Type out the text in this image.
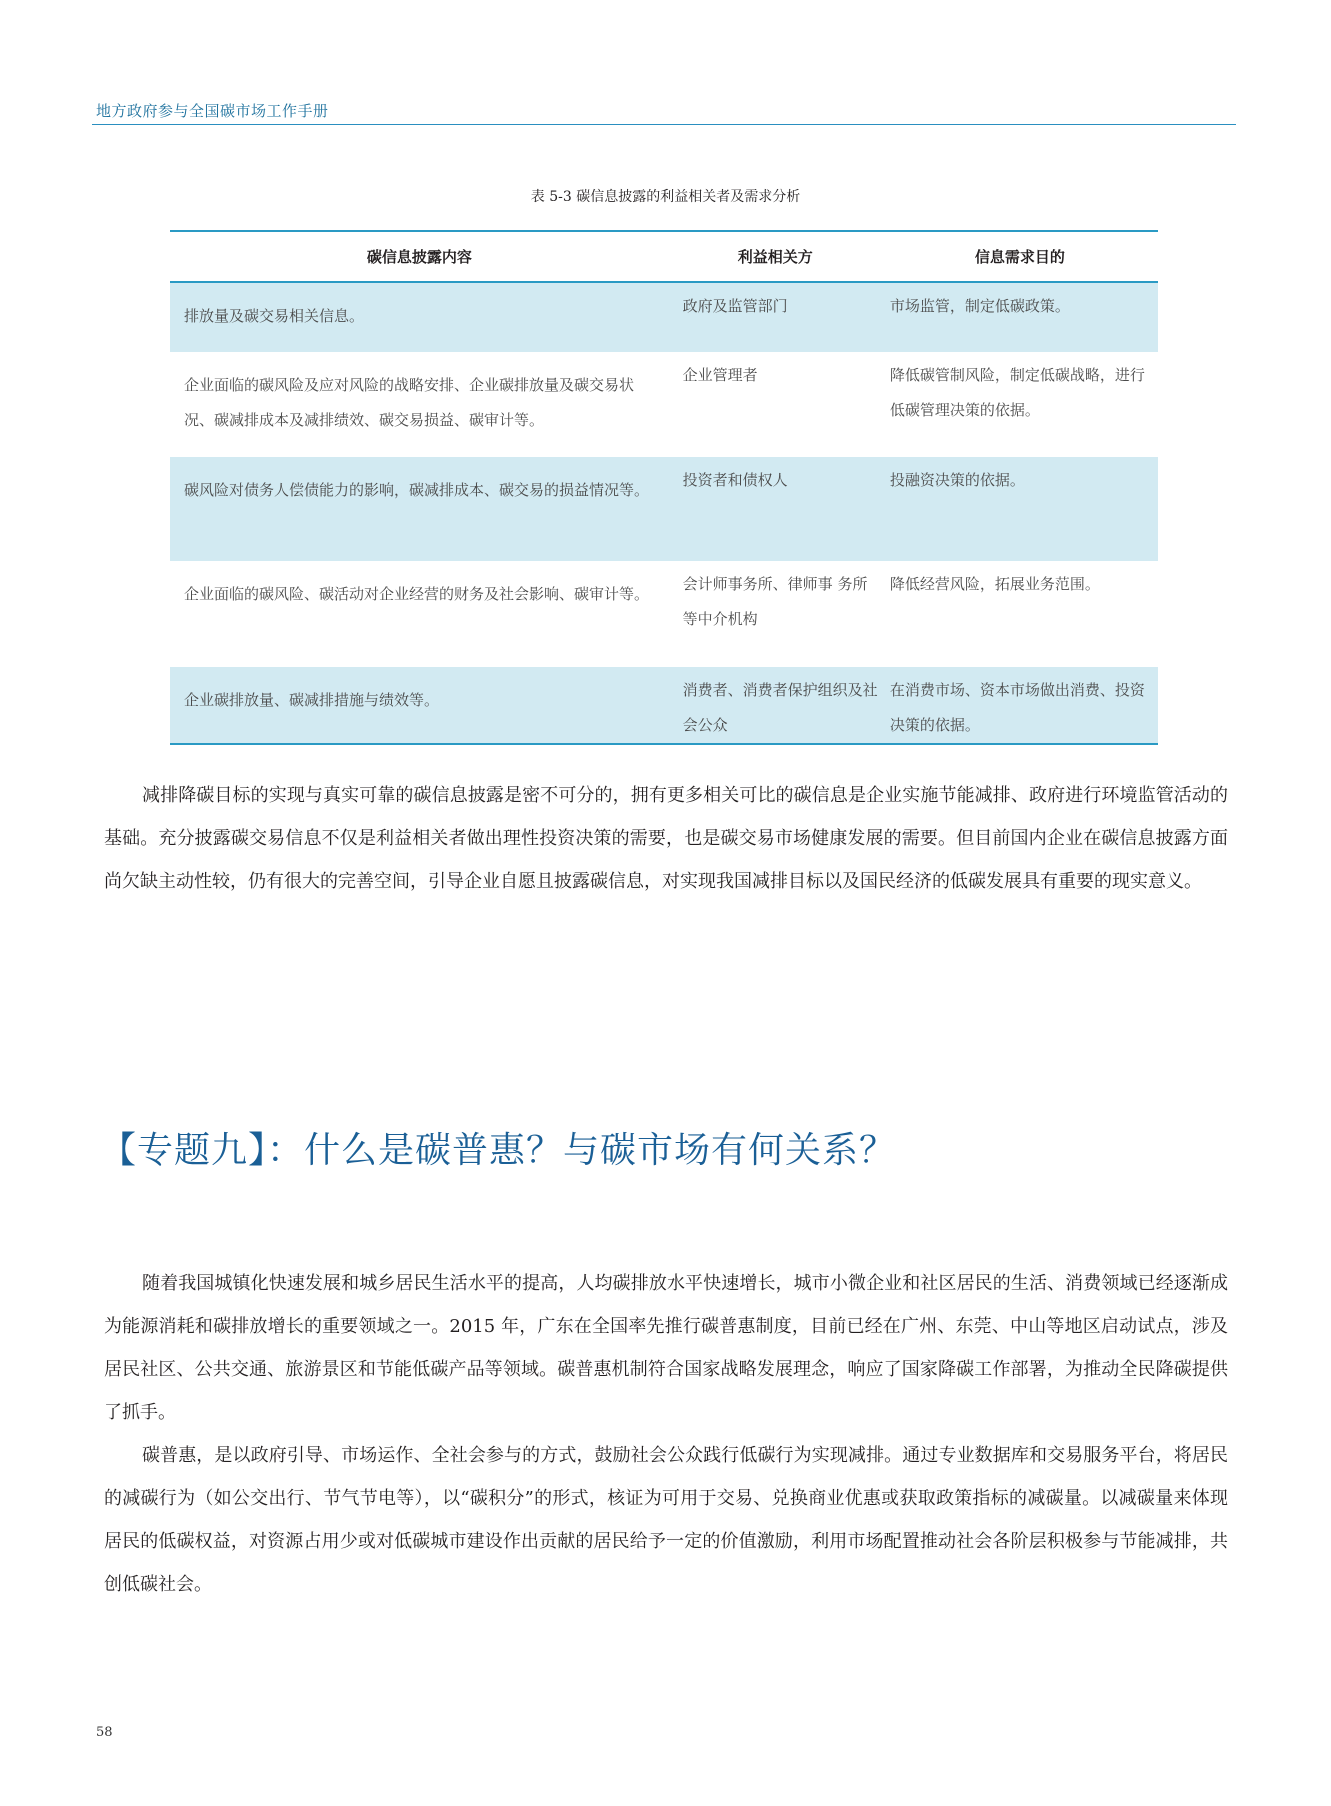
地方政府参与全国碳市场工作手册
表 5-3 碳信息披露的利益相关者及需求分析
碳信息披露内容	利益相关方	信息需求目的

排放量及碳交易相关信息。	政府及监管部门	市场监管，制定低碳政策。

企业面临的碳风险及应对风险的战略安排、企业碳排放量及碳交易状况、碳减排成本及减排绩效、碳交易损益、碳审计等。	企业管理者	降低碳管制风险，制定低碳战略，进行低碳管理决策的依据。

碳风险对债务人偿债能力的影响，碳减排成本、碳交易的损益情况等。	投资者和债权人	投融资决策的依据。

企业面临的碳风险、碳活动对企业经营的财务及社会影响、碳审计等。	会计师事务所、律师事 务所等中介机构	降低经营风险，拓展业务范围。

企业碳排放量、碳减排措施与绩效等。	消费者、消费者保护组织及社会公众	在消费市场、资本市场做出消费、投资决策的依据。

减排降碳目标的实现与真实可靠的碳信息披露是密不可分的，拥有更多相关可比的碳信息是企业实施节能减排、政府进行环境监管活动的基础。充分披露碳交易信息不仅是利益相关者做出理性投资决策的需要，也是碳交易市场健康发展的需要。但目前国内企业在碳信息披露方面尚欠缺主动性较，仍有很大的完善空间，引导企业自愿且披露碳信息，对实现我国减排目标以及国民经济的低碳发展具有重要的现实意义。

【专题九】：什么是碳普惠？与碳市场有何关系？

随着我国城镇化快速发展和城乡居民生活水平的提高，人均碳排放水平快速增长，城市小微企业和社区居民的生活、消费领域已经逐渐成为能源消耗和碳排放增长的重要领域之一。2015 年，广东在全国率先推行碳普惠制度，目前已经在广州、东莞、中山等地区启动试点，涉及居民社区、公共交通、旅游景区和节能低碳产品等领域。碳普惠机制符合国家战略发展理念，响应了国家降碳工作部署，为推动全民降碳提供了抓手。

碳普惠，是以政府引导、市场运作、全社会参与的方式，鼓励社会公众践行低碳行为实现减排。通过专业数据库和交易服务平台，将居民的减碳行为（如公交出行、节气节电等），以“碳积分”的形式，核证为可用于交易、兑换商业优惠或获取政策指标的减碳量。以减碳量来体现居民的低碳权益，对资源占用少或对低碳城市建设作出贡献的居民给予一定的价值激励，利用市场配置推动社会各阶层积极参与节能减排，共创低碳社会。

58
